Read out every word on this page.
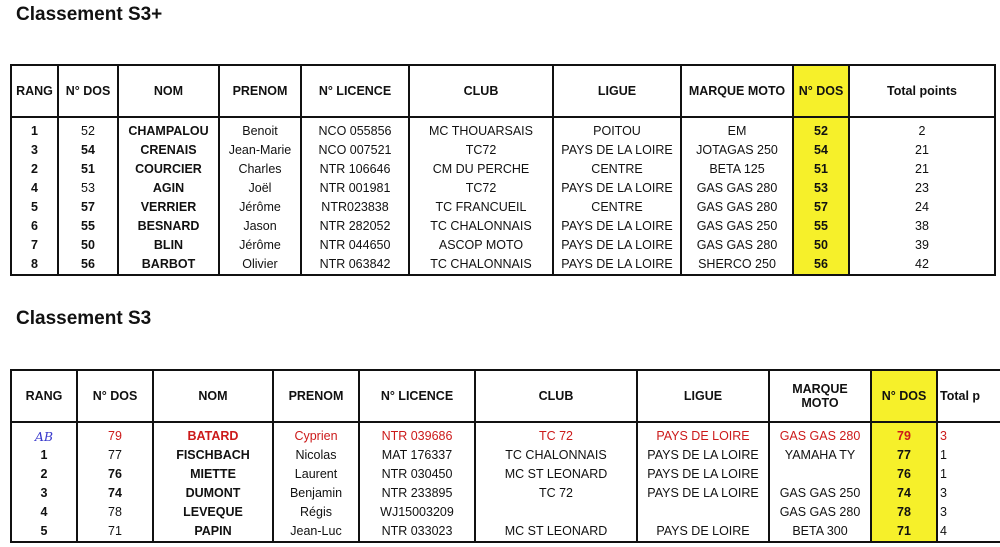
Classement S3+
RANG	N° DOS	NOM	PRENOM	N° LICENCE	CLUB	LIGUE	MARQUE MOTO	N° DOS	Total points
1	52	CHAMPALOU	Benoit	NCO 055856	MC THOUARSAIS	POITOU	EM	52	2
3	54	CRENAIS	Jean-Marie	NCO 007521	TC72	PAYS DE LA LOIRE	JOTAGAS 250	54	21
2	51	COURCIER	Charles	NTR 106646	CM DU PERCHE	CENTRE	BETA 125	51	21
4	53	AGIN	Joël	NTR 001981	TC72	PAYS DE LA LOIRE	GAS GAS 280	53	23
5	57	VERRIER	Jérôme	NTR023838	TC FRANCUEIL	CENTRE	GAS GAS 280	57	24
6	55	BESNARD	Jason	NTR 282052	TC CHALONNAIS	PAYS DE LA LOIRE	GAS GAS 250	55	38
7	50	BLIN	Jérôme	NTR 044650	ASCOP MOTO	PAYS DE LA LOIRE	GAS GAS 280	50	39
8	56	BARBOT	Olivier	NTR 063842	TC CHALONNAIS	PAYS DE LA LOIRE	SHERCO 250	56	42
Classement S3
RANG	N° DOS	NOM	PRENOM	N° LICENCE	CLUB	LIGUE	MARQUE MOTO	N° DOS	Total p
AB	79	BATARD	Cyprien	NTR 039686	TC 72	PAYS DE LOIRE	GAS GAS 280	79	3
1	77	FISCHBACH	Nicolas	MAT 176337	TC CHALONNAIS	PAYS DE LA LOIRE	YAMAHA TY	77	1
2	76	MIETTE	Laurent	NTR 030450	MC ST LEONARD	PAYS DE LA LOIRE		76	1
3	74	DUMONT	Benjamin	NTR 233895	TC 72	PAYS DE LA LOIRE	GAS GAS 250	74	3
4	78	LEVEQUE	Régis	WJ15003209			GAS GAS 280	78	3
5	71	PAPIN	Jean-Luc	NTR 033023	MC ST LEONARD	PAYS DE LOIRE	BETA 300	71	4
